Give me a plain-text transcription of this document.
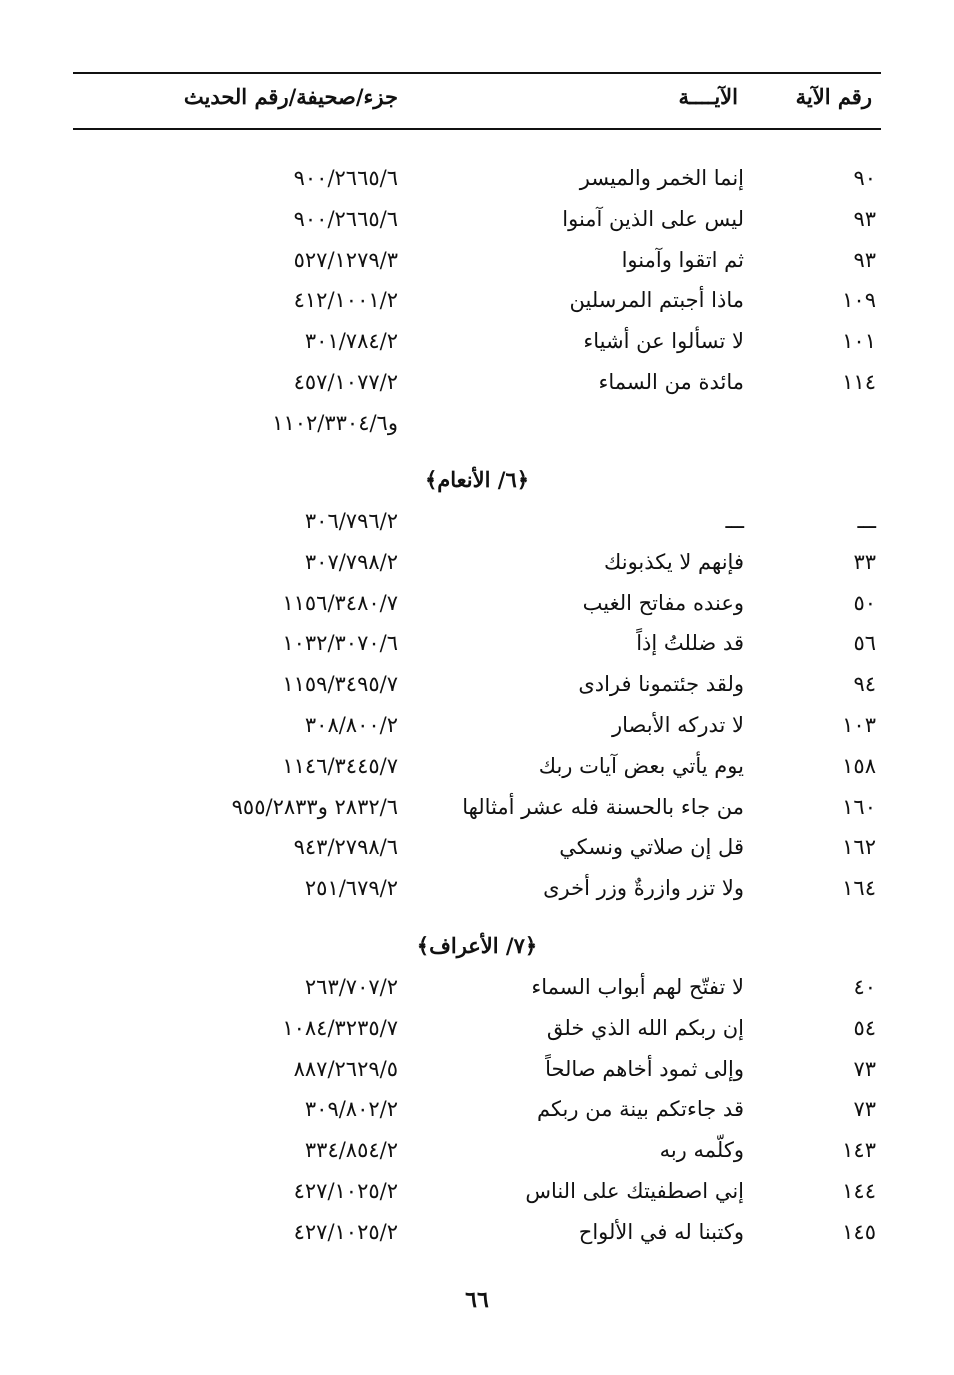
رقم الآية
الآيــــة
جزء/صحيفة/رقم الحديث
٩٠
إنما الخمر والميسر
٩٠٠/٢٦٦٥/٦
٩٣
ليس على الذين آمنوا
٩٠٠/٢٦٦٥/٦
٩٣
ثم اتقوا وآمنوا
٥٢٧/١٢٧٩/٣
١٠٩
ماذا أجبتم المرسلين
٤١٢/١٠٠١/٢
١٠١
لا تسألوا عن أشياء
٣٠١/٧٨٤/٢
١١٤
مائدة من السماء
٤٥٧/١٠٧٧/٢
و١١٠٢/٣٣٠٤/٦
﴿٦/ الأنعام﴾
ـــ
ـــ
٣٠٦/٧٩٦/٢
٣٣
فإنهم لا يكذبونك
٣٠٧/٧٩٨/٢
٥٠
وعنده مفاتح الغيب
١١٥٦/٣٤٨٠/٧
٥٦
قد ضللتُ إذاً
١٠٣٢/٣٠٧٠/٦
٩٤
ولقد جئتمونا فرادى
١١٥٩/٣٤٩٥/٧
١٠٣
لا تدركه الأبصار
٣٠٨/٨٠٠/٢
١٥٨
يوم يأتي بعض آيات ربك
١١٤٦/٣٤٤٥/٧
١٦٠
من جاء بالحسنة فله عشر أمثالها
٢٨٣٢/٦ و٩٥٥/٢٨٣٣
١٦٢
قل إن صلاتي ونسكي
٩٤٣/٢٧٩٨/٦
١٦٤
ولا تزر وازرةٌ وزر أخرى
٢٥١/٦٧٩/٢
﴿٧/ الأعراف﴾
٤٠
لا تفتّح لهم أبواب السماء
٢٦٣/٧٠٧/٢
٥٤
إن ربكم الله الذي خلق
١٠٨٤/٣٢٣٥/٧
٧٣
وإلى ثمود أخاهم صالحاً
٨٨٧/٢٦٢٩/٥
٧٣
قد جاءتكم بينة من ربكم
٣٠٩/٨٠٢/٢
١٤٣
وكلّمه ربه
٣٣٤/٨٥٤/٢
١٤٤
إني اصطفيتك على الناس
٤٢٧/١٠٢٥/٢
١٤٥
وكتبنا له في الألواح
٤٢٧/١٠٢٥/٢
٦٦
